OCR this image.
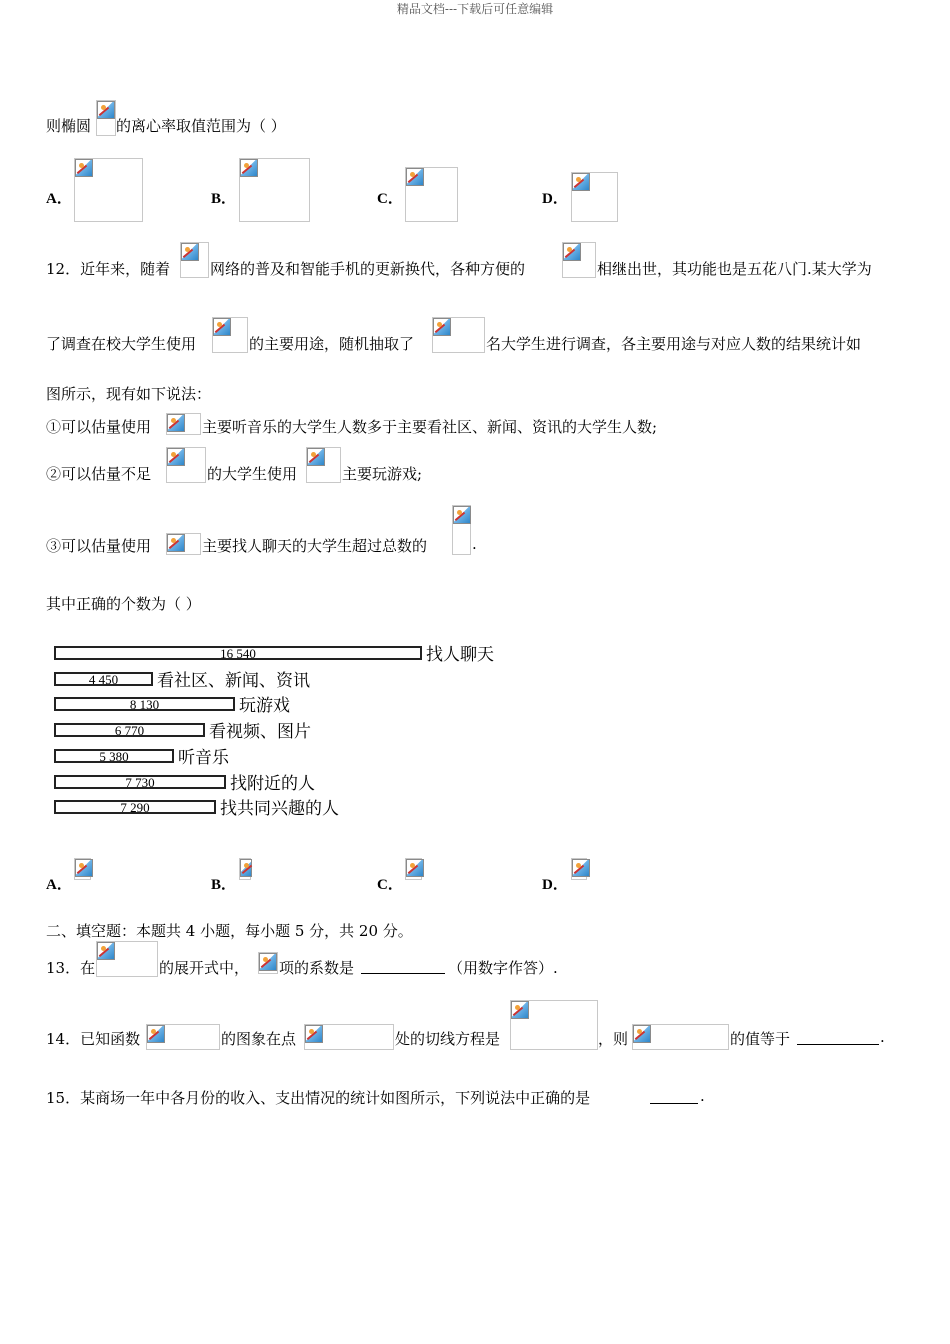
精品文档---下载后可任意编辑
则椭圆 的离心率取值范围为（ ）
A．	B．	C．	D．
12．近年来，随着	网络的普及和智能手机的更新换代，各种方便的	相继出世，其功能也是五花八门.某大学为
了调查在校大学生使用	的主要用途，随机抽取了	名大学生进行调查，各主要用途与对应人数的结果统计如
图所示，现有如下说法：
①可以估量使用	主要听音乐的大学生人数多于主要看社区、新闻、资讯的大学生人数;
②可以估量不足	的大学生使用	主要玩游戏;
③可以估量使用	主要找人聊天的大学生超过总数的	.
其中正确的个数为（ ）
16 540	找人聊天
4 450	看社区、新闻、资讯
8 130	玩游戏
6 770	看视频、图片
5 380	听音乐
7 730	找附近的人
7 290	找共同兴趣的人
A．	B．	C．	D．
二、填空题：本题共 4 小题，每小题 5 分，共 20 分。
13．在	的展开式中， 项的系数是	（用数字作答）.
14．已知函数	的图象在点	处的切线方程是	，则	的值等于	.
15．某商场一年中各月份的收入、支出情况的统计如图所示，下列说法中正确的是	.
